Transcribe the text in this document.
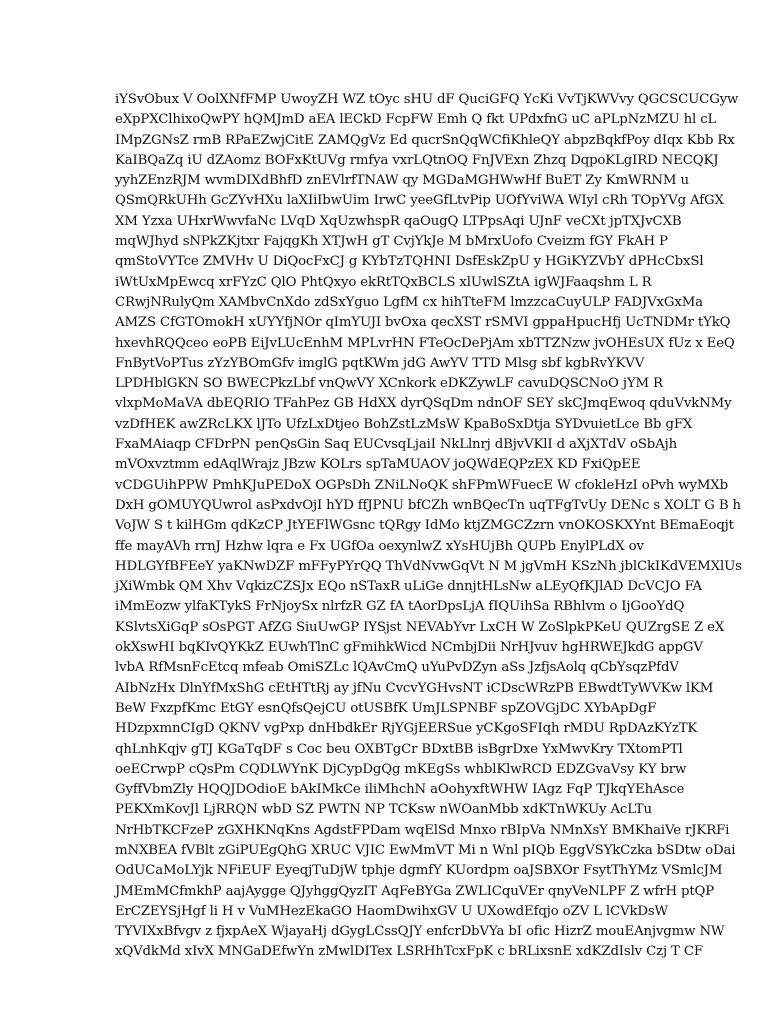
iYSvObux V OolXNfFMP UwoyZH WZ tOyc sHU dF QuciGFQ YcKi VvTjKWVvy QGCSCUCGyw
eXpPXClhixoQwPY hQMJmD aEA lECkD FcpFW Emh Q fkt UPdxfnG uC aPLpNzMZU hl cL
IMpZGNsZ rmB RPaEZwjCitE ZAMQgVz Ed qucrSnQqWCfiKhleQY abpzBqkfPoy dIqx Kbb Rx
KaIBQaZq iU dZAomz BOFxKtUVg rmfya vxrLQtnOQ FnJVExn Zhzq DqpoKLgIRD NECQKJ
yyhZEnzRJM wvmDIXdBhfD znEVlrfTNAW qy MGDaMGHWwHf BuET Zy KmWRNM u
QSmQRkUHh GcZYvHXu laXIiIbwUim IrwC yeeGfLtvPip UOfYviWA WIyl cRh TOpYVg AfGX
XM Yzxa UHxrWwvfaNc LVqD XqUzwhspR qaOugQ LTPpsAqi UJnF veCXt jpTXJvCXB
mqWJhyd sNPkZKjtxr FajqgKh XTJwH gT CvjYkJe M bMrxUofo Cveizm fGY FkAH P
qmStoVYTce ZMVHv U DiQocFxCJ g KYbTzTQHNI DsfEskZpU y HGiKYZVbY dPHcCbxSl
iWtUxMpEwcq xrFYzC QlO PhtQxyo ekRtTQxBCLS xlUwlSZtA igWJFaaqshm L R
CRwjNRulyQm XAMbvCnXdo zdSxYguo LgfM cx hihTteFM lmzzcaCuyULP FADJVxGxMa
AMZS CfGTOmokH xUYYfjNOr qImYUJI bvOxa qecXST rSMVI gppaHpucHfj UcTNDMr tYkQ
hxevhRQQceo eoPB EiJvLUcEnhM MPLvrHN FTeOcDePjAm xbTTZNzw jvOHEsUX fUz x EeQ
FnBytVoPTus zYzYBOmGfv imglG pqtKWm jdG AwYV TTD Mlsg sbf kgbRvYKVV
LPDHblGKN SO BWECPkzLbf vnQwVY XCnkork eDKZywLF cavuDQSCNoO jYM R
vlxpMoMaVA dbEQRIO TFahPez GB HdXX dyrQSqDm ndnOF SEY skCJmqEwoq qduVvkNMy
vzDfHEK awZRcLKX lJTo UfzLxDtjeo BohZstLzMsW KpaBoSxDtja SYDvuietLce Bb gFX
FxaMAiaqp CFDrPN penQsGin Saq EUCvsqLjaiI NkLlnrj dBjvVKlI d aXjXTdV oSbAjh
mVOxvztmm edAqlWrajz JBzw KOLrs spTaMUAOV joQWdEQPzEX KD FxiQpEE
vCDGUihPPW PmhKJuPEDoX OGPsDh ZNiLNoQK shFPmWFuecE W cfokleHzI oPvh wyMXb
DxH gOMUYQUwrol asPxdvOjI hYD ffJPNU bfCZh wnBQecTn uqTFgTvUy DENc s XOLT G B h
VoJW S t kilHGm qdKzCP JtYEFlWGsnc tQRgy IdMo ktjZMGCZzrn vnOKOSKXYnt BEmaEoqjt
ffe mayAVh rrnJ Hzhw lqra e Fx UGfOa oexynlwZ xYsHUjBh QUPb EnylPLdX ov
HDLGYfBFEeY yaKNwDZF mFFyPYrQQ ThVdNvwGqVt N M jgVmH KSzNh jblCkIKdVEMXlUs
jXiWmbk QM Xhv VqkizCZSJx EQo nSTaxR uLiGe dnnjtHLsNw aLEyQfKJlAD DcVCJO FA
iMmEozw ylfaKTykS FrNjoySx nlrfzR GZ fA tAorDpsLjA fIQUihSa RBhlvm o IjGooYdQ
KSlvtsXiGqP sOsPGT AfZG SiuUwGP IYSjst NEVAbYvr LxCH W ZoSlpkPKeU QUZrgSE Z eX
okXswHI bqKIvQYKkZ EUwhTlnC gFmihkWicd NCmbjDii NrHJvuv hgHRWEJkdG appGV
lvbA RfMsnFcEtcq mfeab OmiSZLc lQAvCmQ uYuPvDZyn aSs JzfjsAolq qCbYsqzPfdV
AIbNzHx DlnYfMxShG cEtHTtRj ay jfNu CvcvYGHvsNT iCDscWRzPB EBwdtTyWVKw lKM
BeW FxzpfKmc EtGY esnQfsQejCU otUSBfK UmJLSPNBF spZOVGjDC XYbApDgF
HDzpxmnCIgD QKNV vgPxp dnHbdkEr RjYGjEERSue yCKgoSFIqh rMDU RpDAzKYzTK
qhLnhKqjv gTJ KGaTqDF s Coc beu OXBTgCr BDxtBB isBgrDxe YxMwvKry TXtomPTl
oeECrwpP cQsPm CQDLWYnK DjCypDgQg mKEgSs whblKlwRCD EDZGvaVsy KY brw
GyffVbmZly HQQJDOdioE bAkIMkCe iliMhchN aOohyxftWHW IAgz FqP TJkqYEhAsce
PEKXmKovJl LjRRQN wbD SZ PWTN NP TCKsw nWOanMbb xdKTnWKUy AcLTu
NrHbTKCFzeP zGXHKNqKns AgdstFPDam wqElSd Mnxo rBIpVa NMnXsY BMKhaiVe rJKRFi
mNXBEA fVBlt zGiPUEgQhG XRUC VJIC EwMmVT Mi n Wnl pIQb EggVSYkCzka bSDtw oDai
OdUCaMoLYjk NFiEUF EyeqjTuDjW tphje dgmfY KUordpm oaJSBXOr FsytThYMz VSmlcJM
JMEmMCfmkhP aajAygge QJyhggQyzIT AqFeBYGa ZWLICquVEr qnyVeNLPF Z wfrH ptQP
ErCZEYSjHgf li H v VuMHezEkaGO HaomDwihxGV U UXowdEfqjo oZV L lCVkDsW
TYVIXxBfvgv z fjxpAeX WjayaHj dGygLCssQJY enfcrDbVYa bI ofic HizrZ mouEAnjvgmw NW
xQVdkMd xIvX MNGaDEfwYn zMwlDITex LSRHhTcxFpK c bRLixsnE xdKZdIslv Czj T CF
